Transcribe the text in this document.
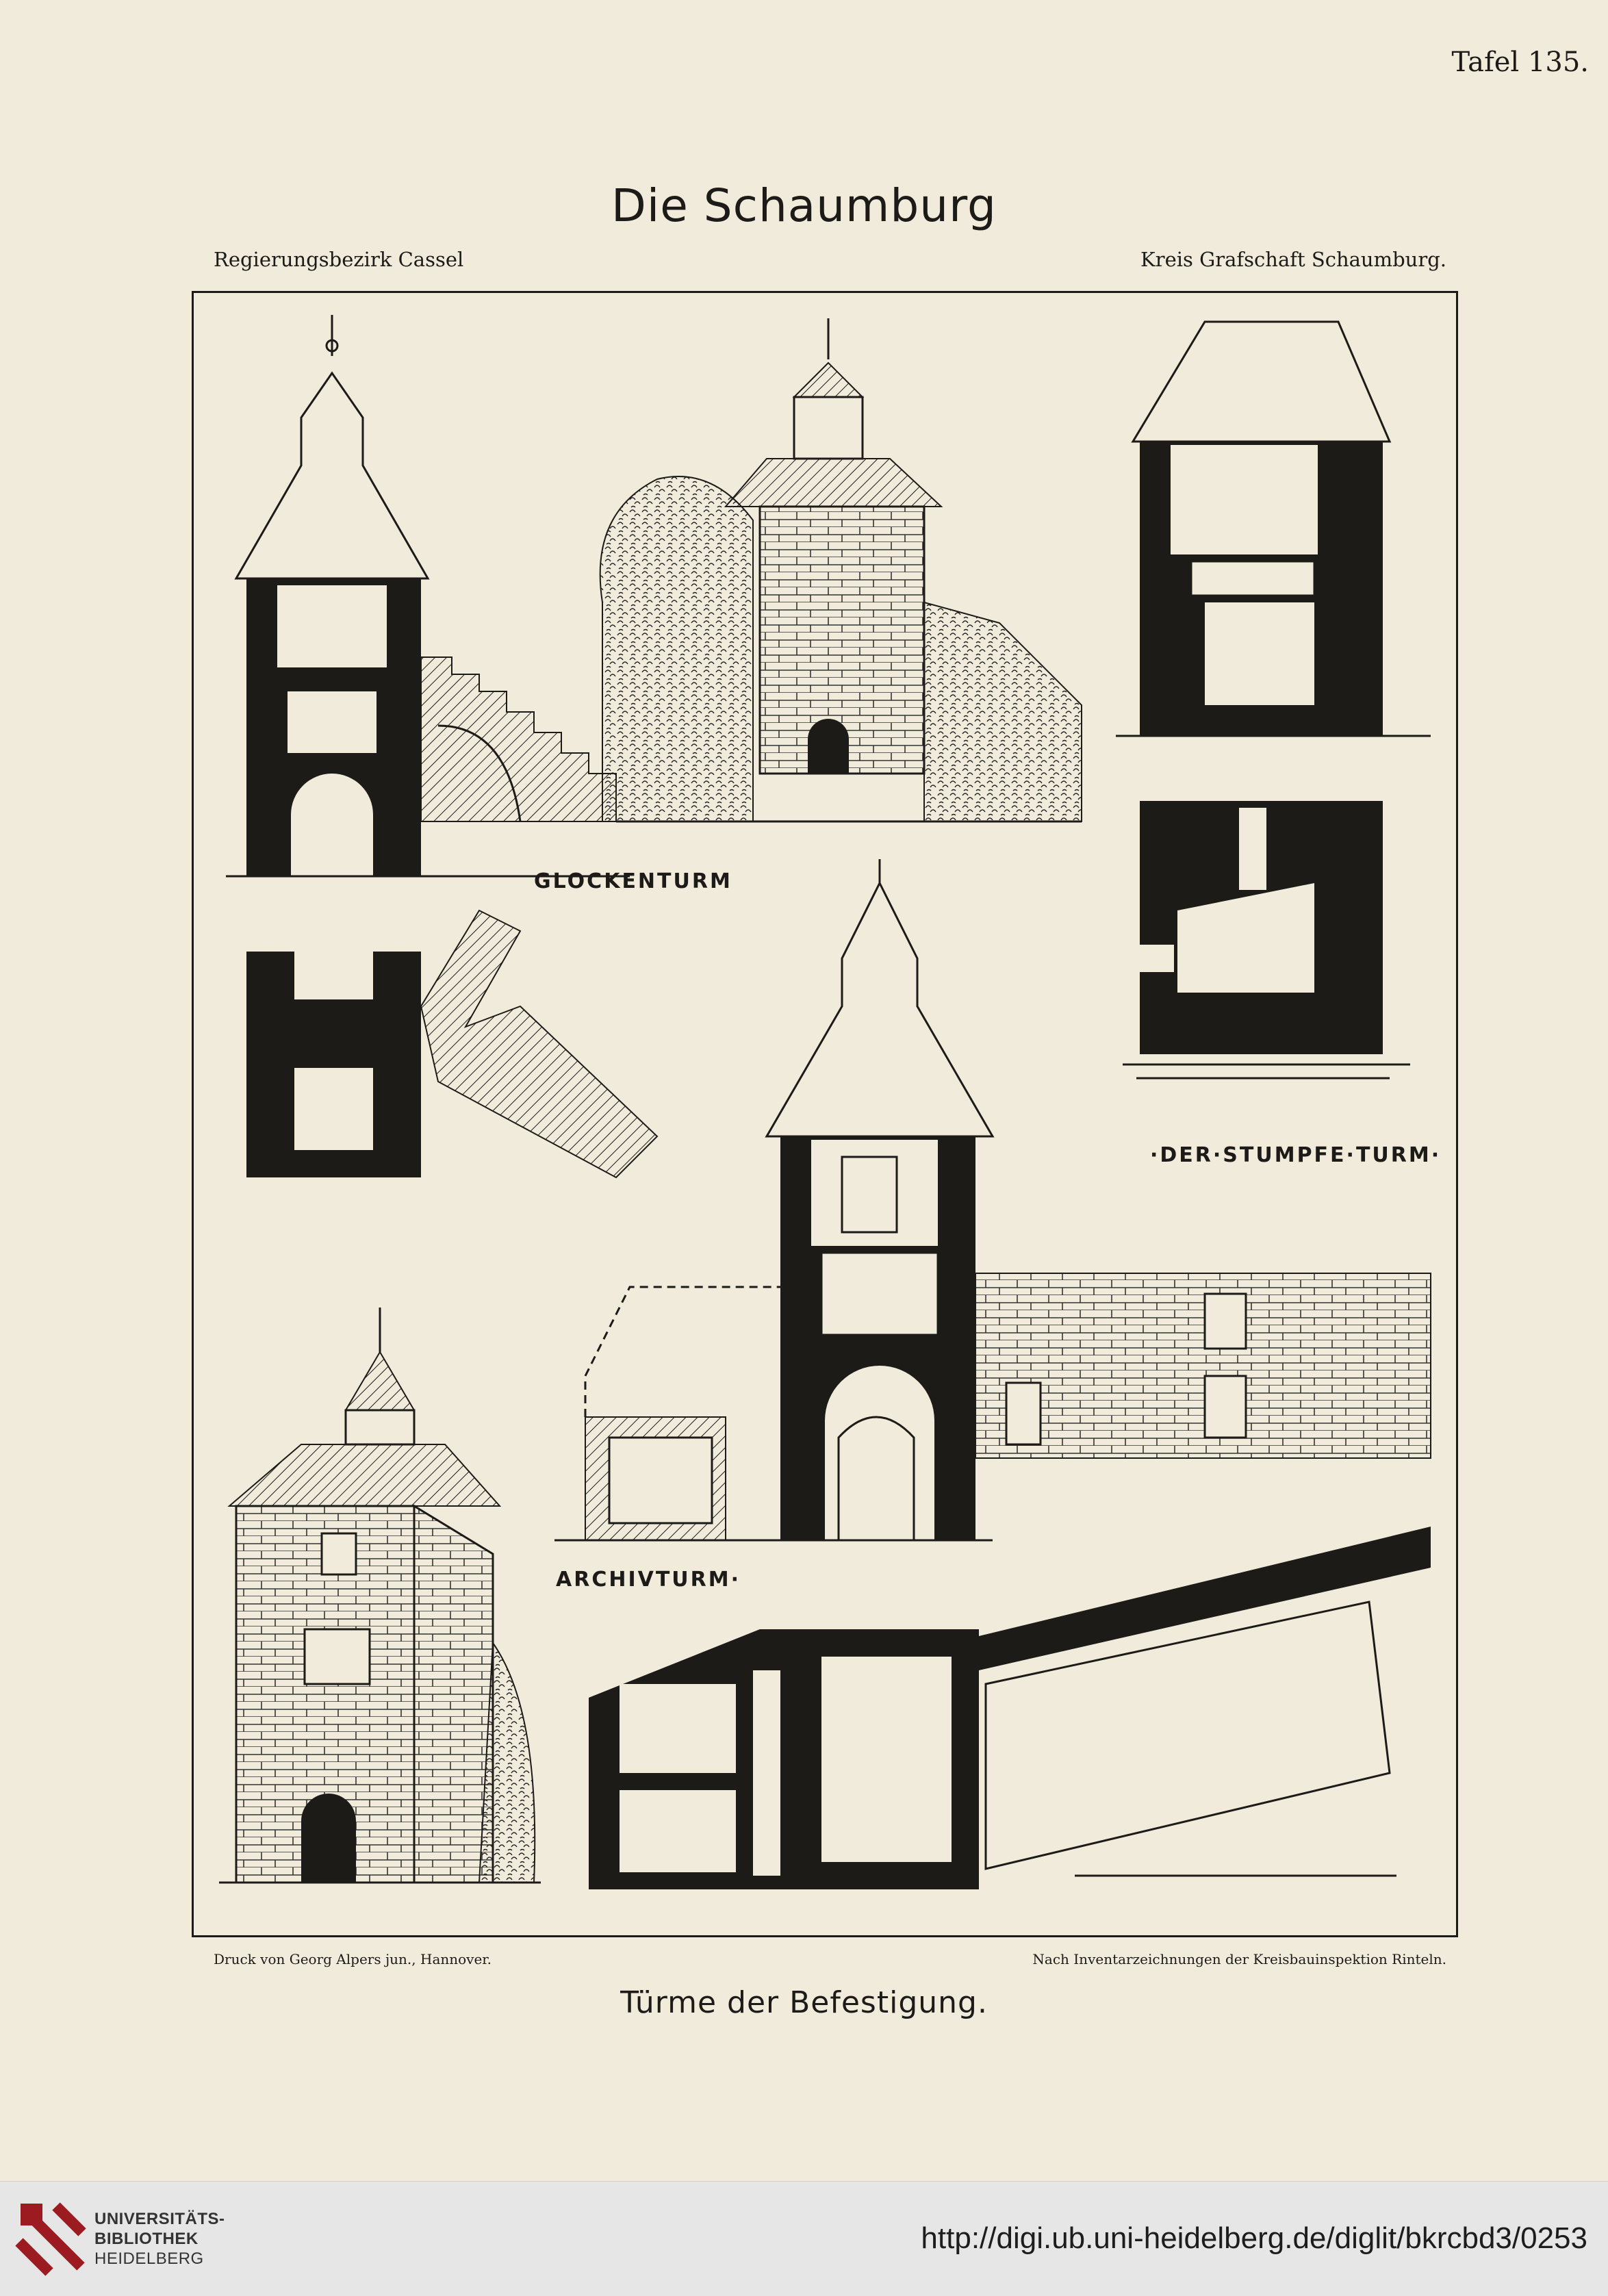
Tafel 135.
Die Schaumburg
Regierungsbezirk Cassel	Kreis Grafschaft Schaumburg.
GLOCKENTURM
·DER·STUMPFE·TURM·
ARCHIVTURM·
Druck von Georg Alpers jun., Hannover.	Nach Inventarzeichnungen der Kreisbauinspektion Rinteln.
Türme der Befestigung.
UNIVERSITÄTS-
BIBLIOTHEK
HEIDELBERG
http://digi.ub.uni-heidelberg.de/diglit/bkrcbd3/0253
